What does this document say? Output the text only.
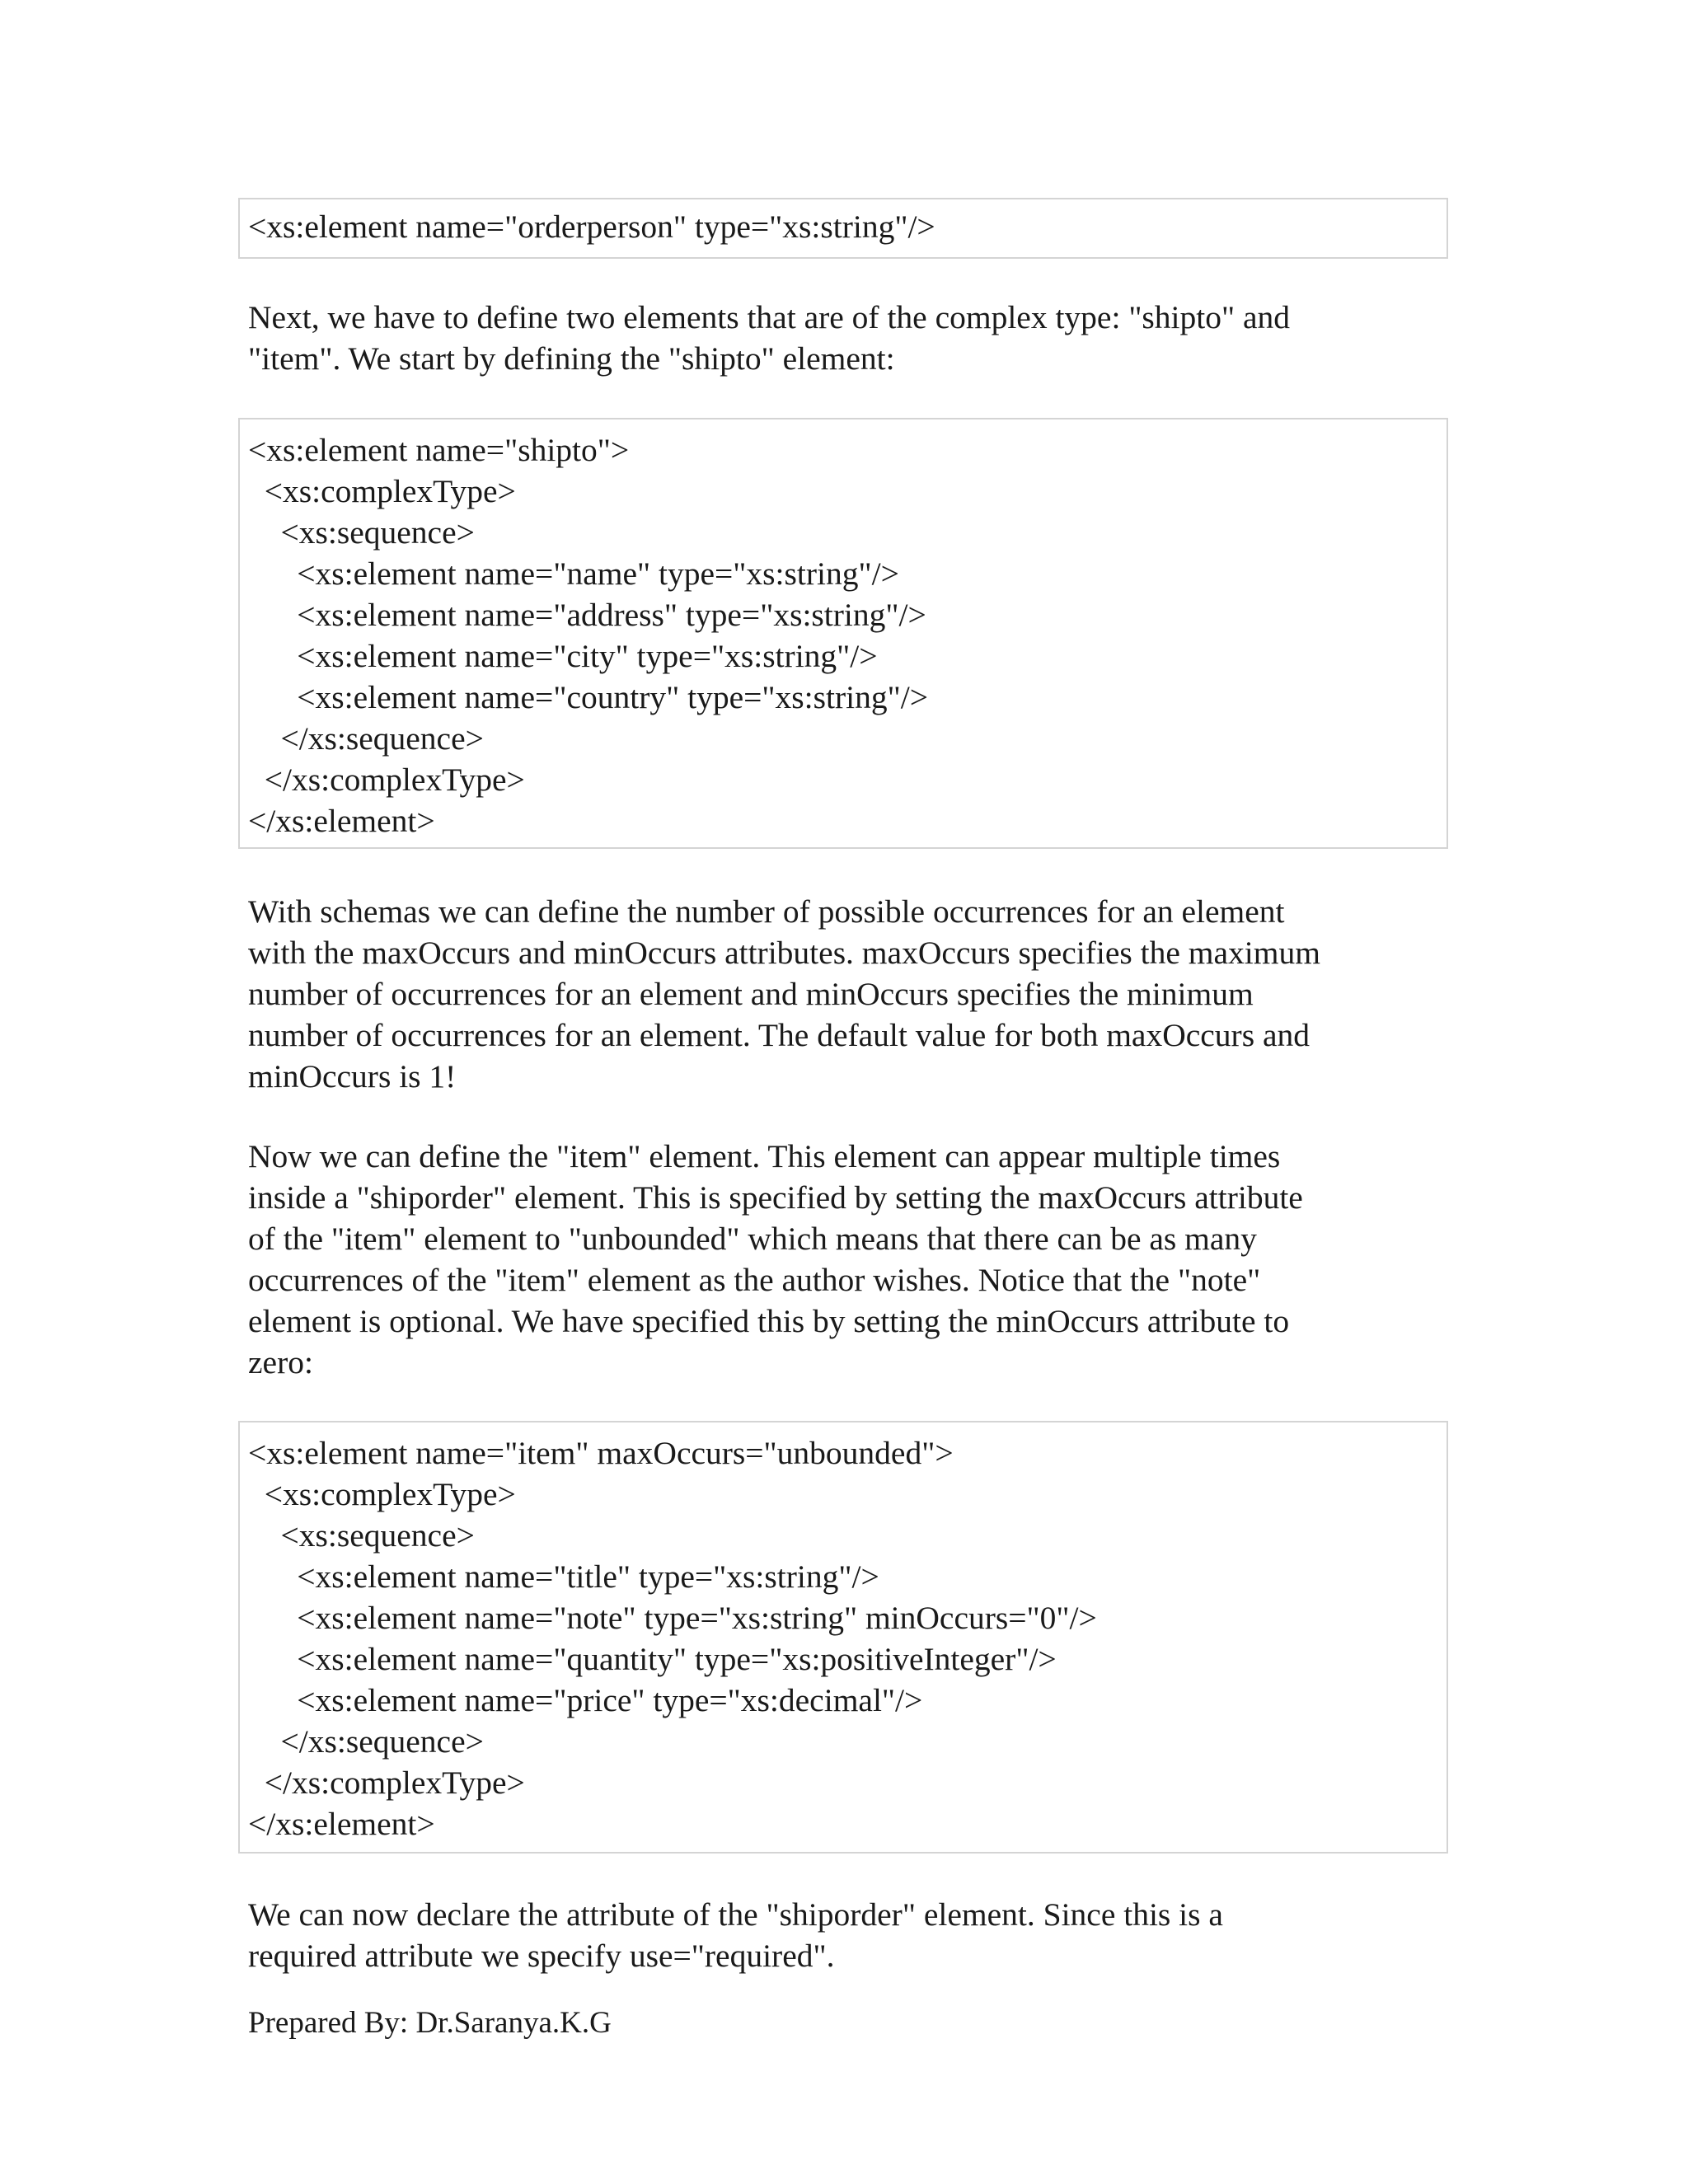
<xs:element name="orderperson" type="xs:string"/>
Next, we have to define two elements that are of the complex type: "shipto" and
"item". We start by defining the "shipto" element:
<xs:element name="shipto">
<xs:complexType>
<xs:sequence>
<xs:element name="name" type="xs:string"/>
<xs:element name="address" type="xs:string"/>
<xs:element name="city" type="xs:string"/>
<xs:element name="country" type="xs:string"/>
</xs:sequence>
</xs:complexType>
</xs:element>
With schemas we can define the number of possible occurrences for an element
with the maxOccurs and minOccurs attributes. maxOccurs specifies the maximum
number of occurrences for an element and minOccurs specifies the minimum
number of occurrences for an element. The default value for both maxOccurs and
minOccurs is 1!
Now we can define the "item" element. This element can appear multiple times
inside a "shiporder" element. This is specified by setting the maxOccurs attribute
of the "item" element to "unbounded" which means that there can be as many
occurrences of the "item" element as the author wishes. Notice that the "note"
element is optional. We have specified this by setting the minOccurs attribute to
zero:
<xs:element name="item" maxOccurs="unbounded">
<xs:complexType>
<xs:sequence>
<xs:element name="title" type="xs:string"/>
<xs:element name="note" type="xs:string" minOccurs="0"/>
<xs:element name="quantity" type="xs:positiveInteger"/>
<xs:element name="price" type="xs:decimal"/>
</xs:sequence>
</xs:complexType>
</xs:element>
We can now declare the attribute of the "shiporder" element. Since this is a
required attribute we specify use="required".
Prepared By: Dr.Saranya.K.G
